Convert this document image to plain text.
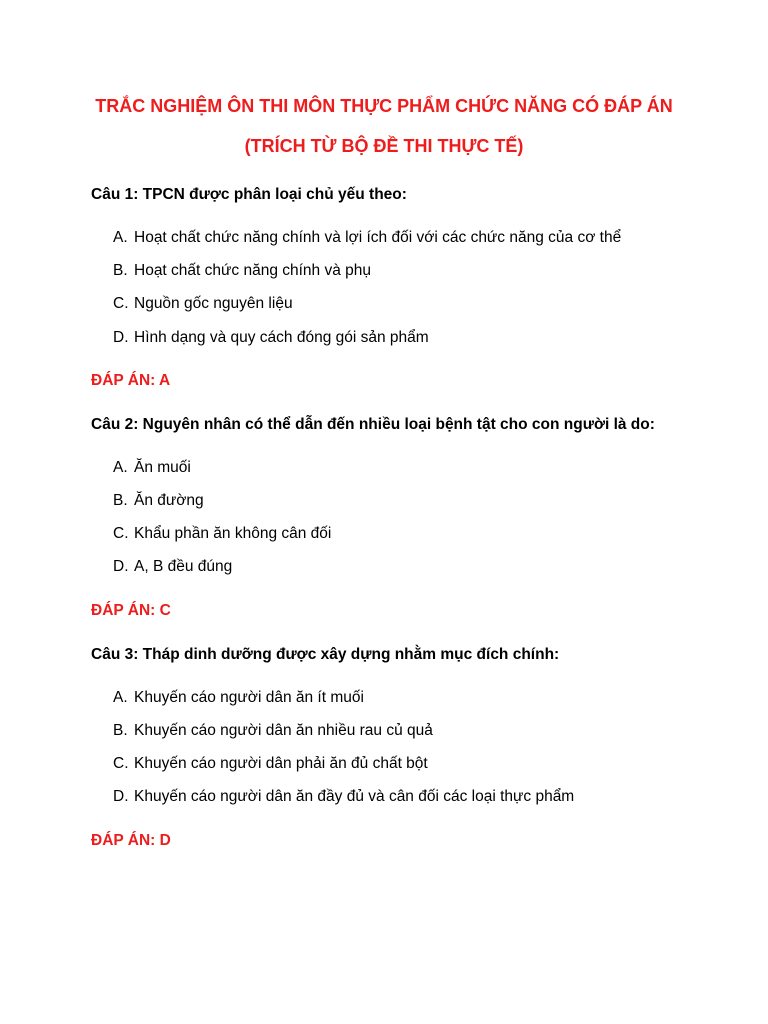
TRẮC NGHIỆM ÔN THI MÔN THỰC PHẨM CHỨC NĂNG CÓ ĐÁP ÁN
(TRÍCH TỪ BỘ ĐỀ THI THỰC TẾ)
Câu 1: TPCN được phân loại chủ yếu theo:
A. Hoạt chất chức năng chính và lợi ích đối với các chức năng của cơ thể
B. Hoạt chất chức năng chính và phụ
C. Nguồn gốc nguyên liệu
D. Hình dạng và quy cách đóng gói sản phẩm
ĐÁP ÁN: A
Câu 2: Nguyên nhân có thể dẫn đến nhiều loại bệnh tật cho con người là do:
A. Ăn muối
B. Ăn đường
C. Khẩu phần ăn không cân đối
D. A, B đều đúng
ĐÁP ÁN: C
Câu 3: Tháp dinh dưỡng được xây dựng nhằm mục đích chính:
A. Khuyến cáo người dân ăn ít muối
B. Khuyến cáo người dân ăn nhiều rau củ quả
C. Khuyến cáo người dân phải ăn đủ chất bột
D. Khuyến cáo người dân ăn đầy đủ và cân đối các loại thực phẩm
ĐÁP ÁN: D
